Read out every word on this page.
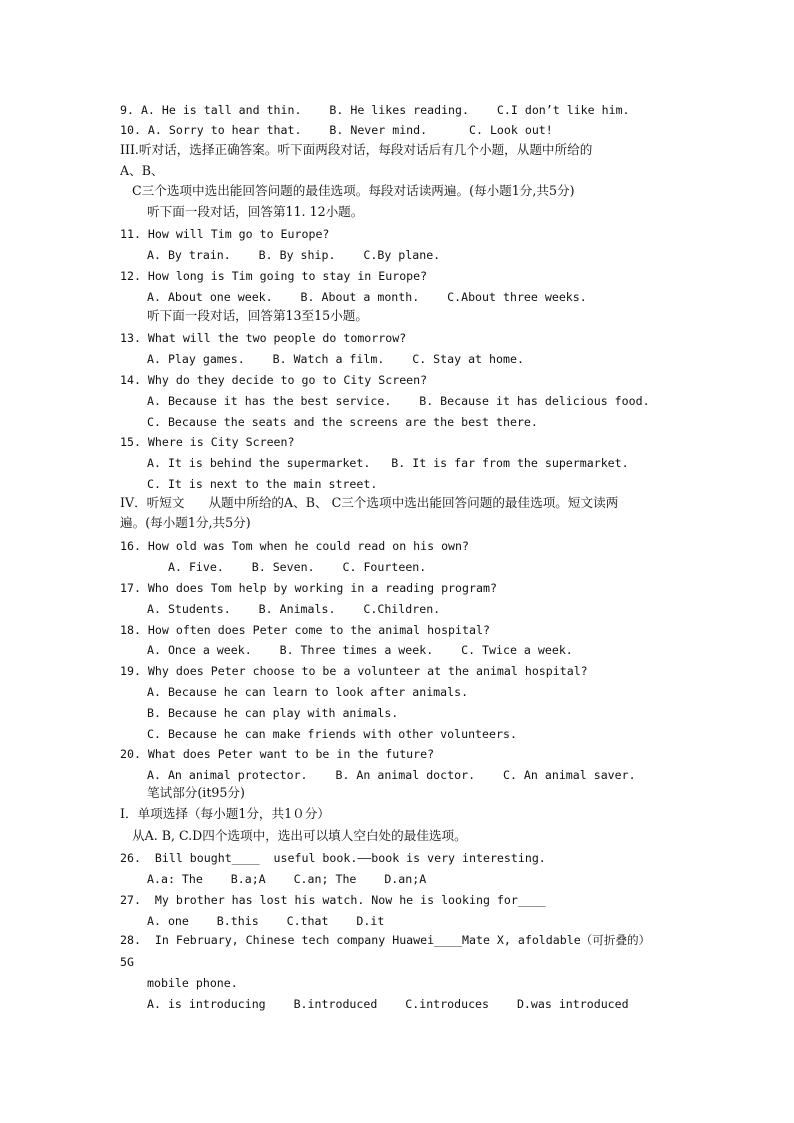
9. A. He is tall and thin.    B. He likes reading.    C.I don’t like him.
10. A. Sorry to hear that.    B. Never mind.      C. Look out!
III.听对话，选择正确答案。听下面两段对话，每段对话后有几个小题，从题中所给的
A、B、
C三个选项中选出能回答问题的最佳选项。每段对话读两遍。(每小题1分,共5分)
听下面一段对话，回答第11. 12小题。
11. How will Tim go to Europe?
A. By train.    B. By ship.    C.By plane.
12. How long is Tim going to stay in Europe?
A. About one week.    B. About a month.    C.About three weeks.
听下面一段对话，回答第13至15小题。
13. What will the two people do tomorrow?
A. Play games.    B. Watch a film.    C. Stay at home.
14. Why do they decide to go to City Screen?
A. Because it has the best service.    B. Because it has delicious food.
C. Because the seats and the screens are the best there.
15. Where is City Screen?
A. It is behind the supermarket.   B. It is far from the supermarket.
C. It is next to the main street.
IV．听短文      从题中所给的A、B、 C三个选项中选出能回答问题的最佳选项。短文读两
遍。(每小题1分,共5分)
16. How old was Tom when he could read on his own?
A. Five.    B. Seven.    C. Fourteen.
17. Who does Tom help by working in a reading program?
A. Students.    B. Animals.    C.Children.
18. How often does Peter come to the animal hospital?
A. Once a week.    B. Three times a week.    C. Twice a week.
19. Why does Peter choose to be a volunteer at the animal hospital?
A. Because he can learn to look after animals.
B. Because he can play with animals.
C. Because he can make friends with other volunteers.
20. What does Peter want to be in the future?
A. An animal protector.    B. An animal doctor.    C. An animal saver.
笔试部分(it95分)
I．单项选择（每小题1分，共1０分）
从A. B, C.D四个选项中，选出可以填人空白处的最佳选项。
26.  Bill bought____  useful book.——book is very interesting.
A.a: The    B.a;A    C.an; The    D.an;A
27.  My brother has lost his watch. Now he is looking for____
A. one    B.this    C.that    D.it
28.  In February, Chinese tech company Huawei____Mate X, afoldable（可折叠的）
5G
mobile phone.
A. is introducing    B.introduced    C.introduces    D.was introduced
